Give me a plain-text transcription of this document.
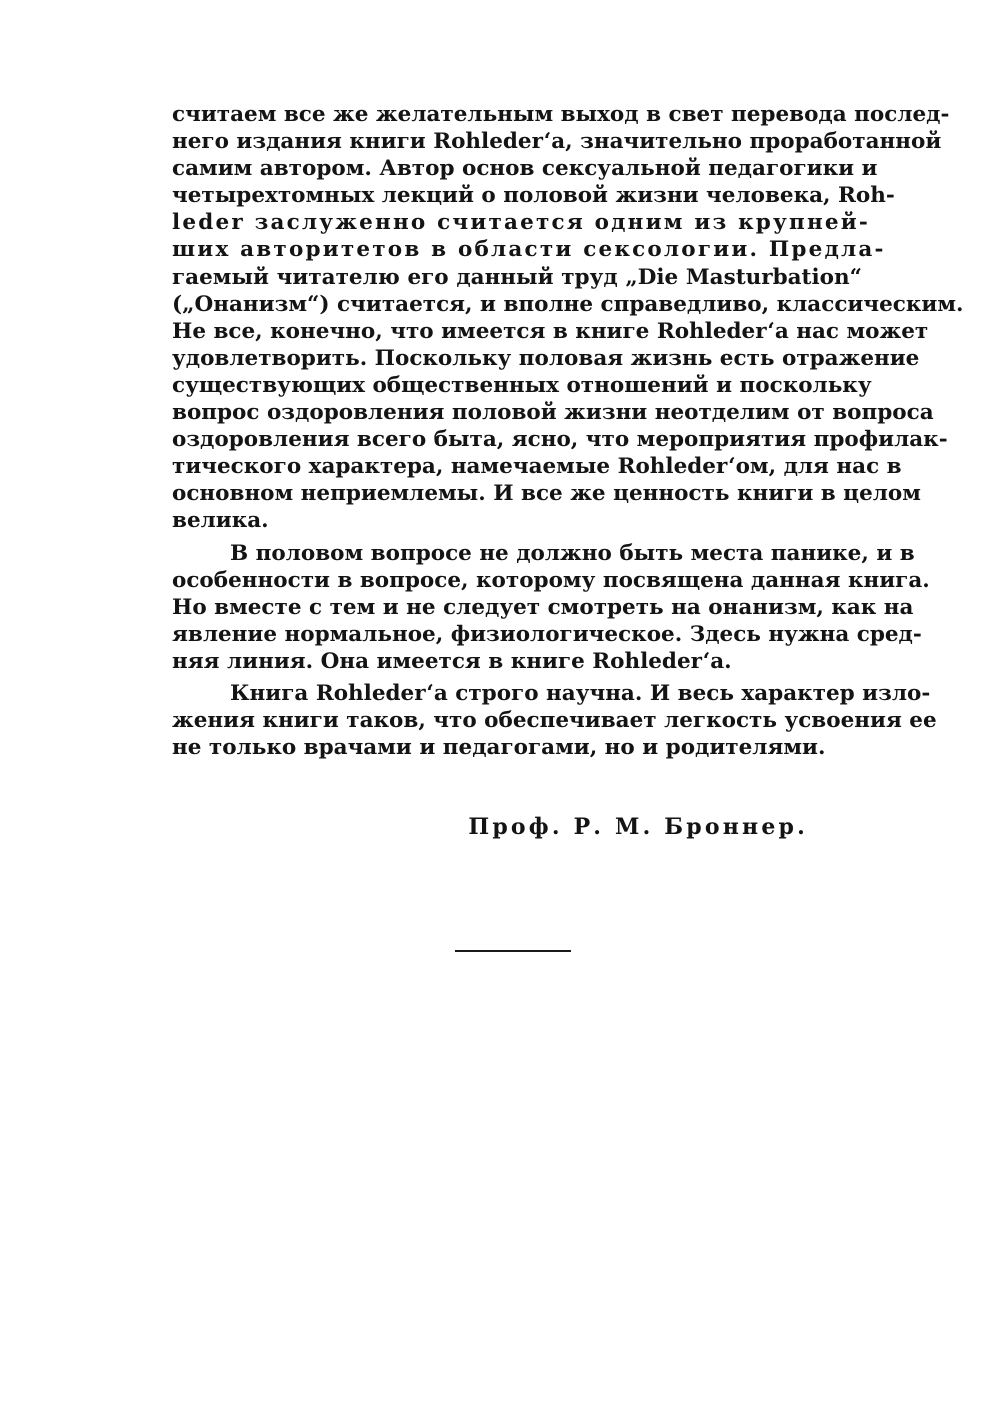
считаем все же желательным выход в свет перевода послед-
него издания книги Rohleder‘a, значительно проработанной
самим автором. Автор основ сексуальной педагогики и
четырехтомных лекций о половой жизни человека, Roh-
leder заслуженно считается одним из крупней-
ших авторитетов в области сексологии. Предла-
гаемый читателю его данный труд „Die Masturbation“
(„Онанизм“) считается, и вполне справедливо, классическим.
Не все, конечно, что имеется в книге Rohleder‘a нас может
удовлетворить. Поскольку половая жизнь есть отражение
существующих общественных отношений и поскольку
вопрос оздоровления половой жизни неотделим от вопроса
оздоровления всего быта, ясно, что мероприятия профилак-
тического характера, намечаемые Rohleder‘ом, для нас в
основном неприемлемы. И все же ценность книги в целом
велика.
В половом вопросе не должно быть места панике, и в
особенности в вопросе, которому посвящена данная книга.
Но вместе с тем и не следует смотреть на онанизм, как на
явление нормальное, физиологическое. Здесь нужна сред-
няя линия. Она имеется в книге Rohleder‘a.
Книга Rohleder‘a строго научна. И весь характер изло-
жения книги таков, что обеспечивает легкость усвоения ее
не только врачами и педагогами, но и родителями.
Проф. Р. М. Броннер.
